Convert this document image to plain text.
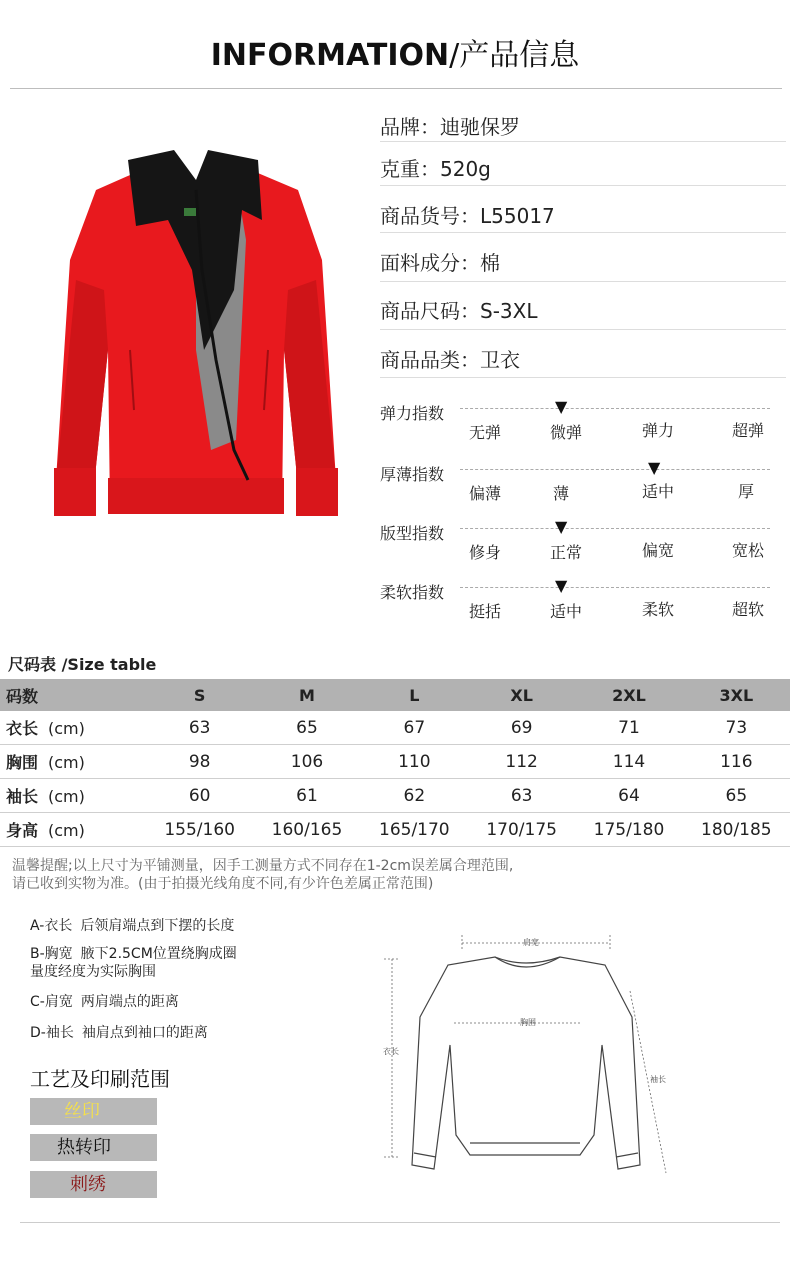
INFORMATION/产品信息
品牌：迪驰保罗
克重：520g
商品货号：L55017
面料成分：棉
商品尺码：S-3XL
商品品类：卫衣
弹力指数	▼
无弹	微弹	弹力	超弹
厚薄指数	▼
偏薄	薄	适中	厚
版型指数	▼
修身	正常	偏宽	宽松
柔软指数	▼
挺括	适中	柔软	超软
尺码表 /Size table
码数	S	M	L	XL	2XL	3XL
衣长 (cm)	63	65	67	69	71	73
胸围 (cm)	98	106	110	112	114	116
袖长 (cm)	60	61	62	63	64	65
身高 (cm)	155/160	160/165	165/170	170/175	175/180	180/185
温馨提醒;以上尺寸为平铺测量，因手工测量方式不同存在1-2cm误差属合理范围,
请已收到实物为准。(由于拍摄光线角度不同,有少许色差属正常范围)
A-衣长 后领肩端点到下摆的长度
B-胸宽 腋下2.5CM位置绕胸成圈
量度经度为实际胸围
C-肩宽 两肩端点的距离
D-袖长 袖肩点到袖口的距离
肩宽
胸围
衣长
袖长
工艺及印刷范围
丝印
热转印
刺绣
